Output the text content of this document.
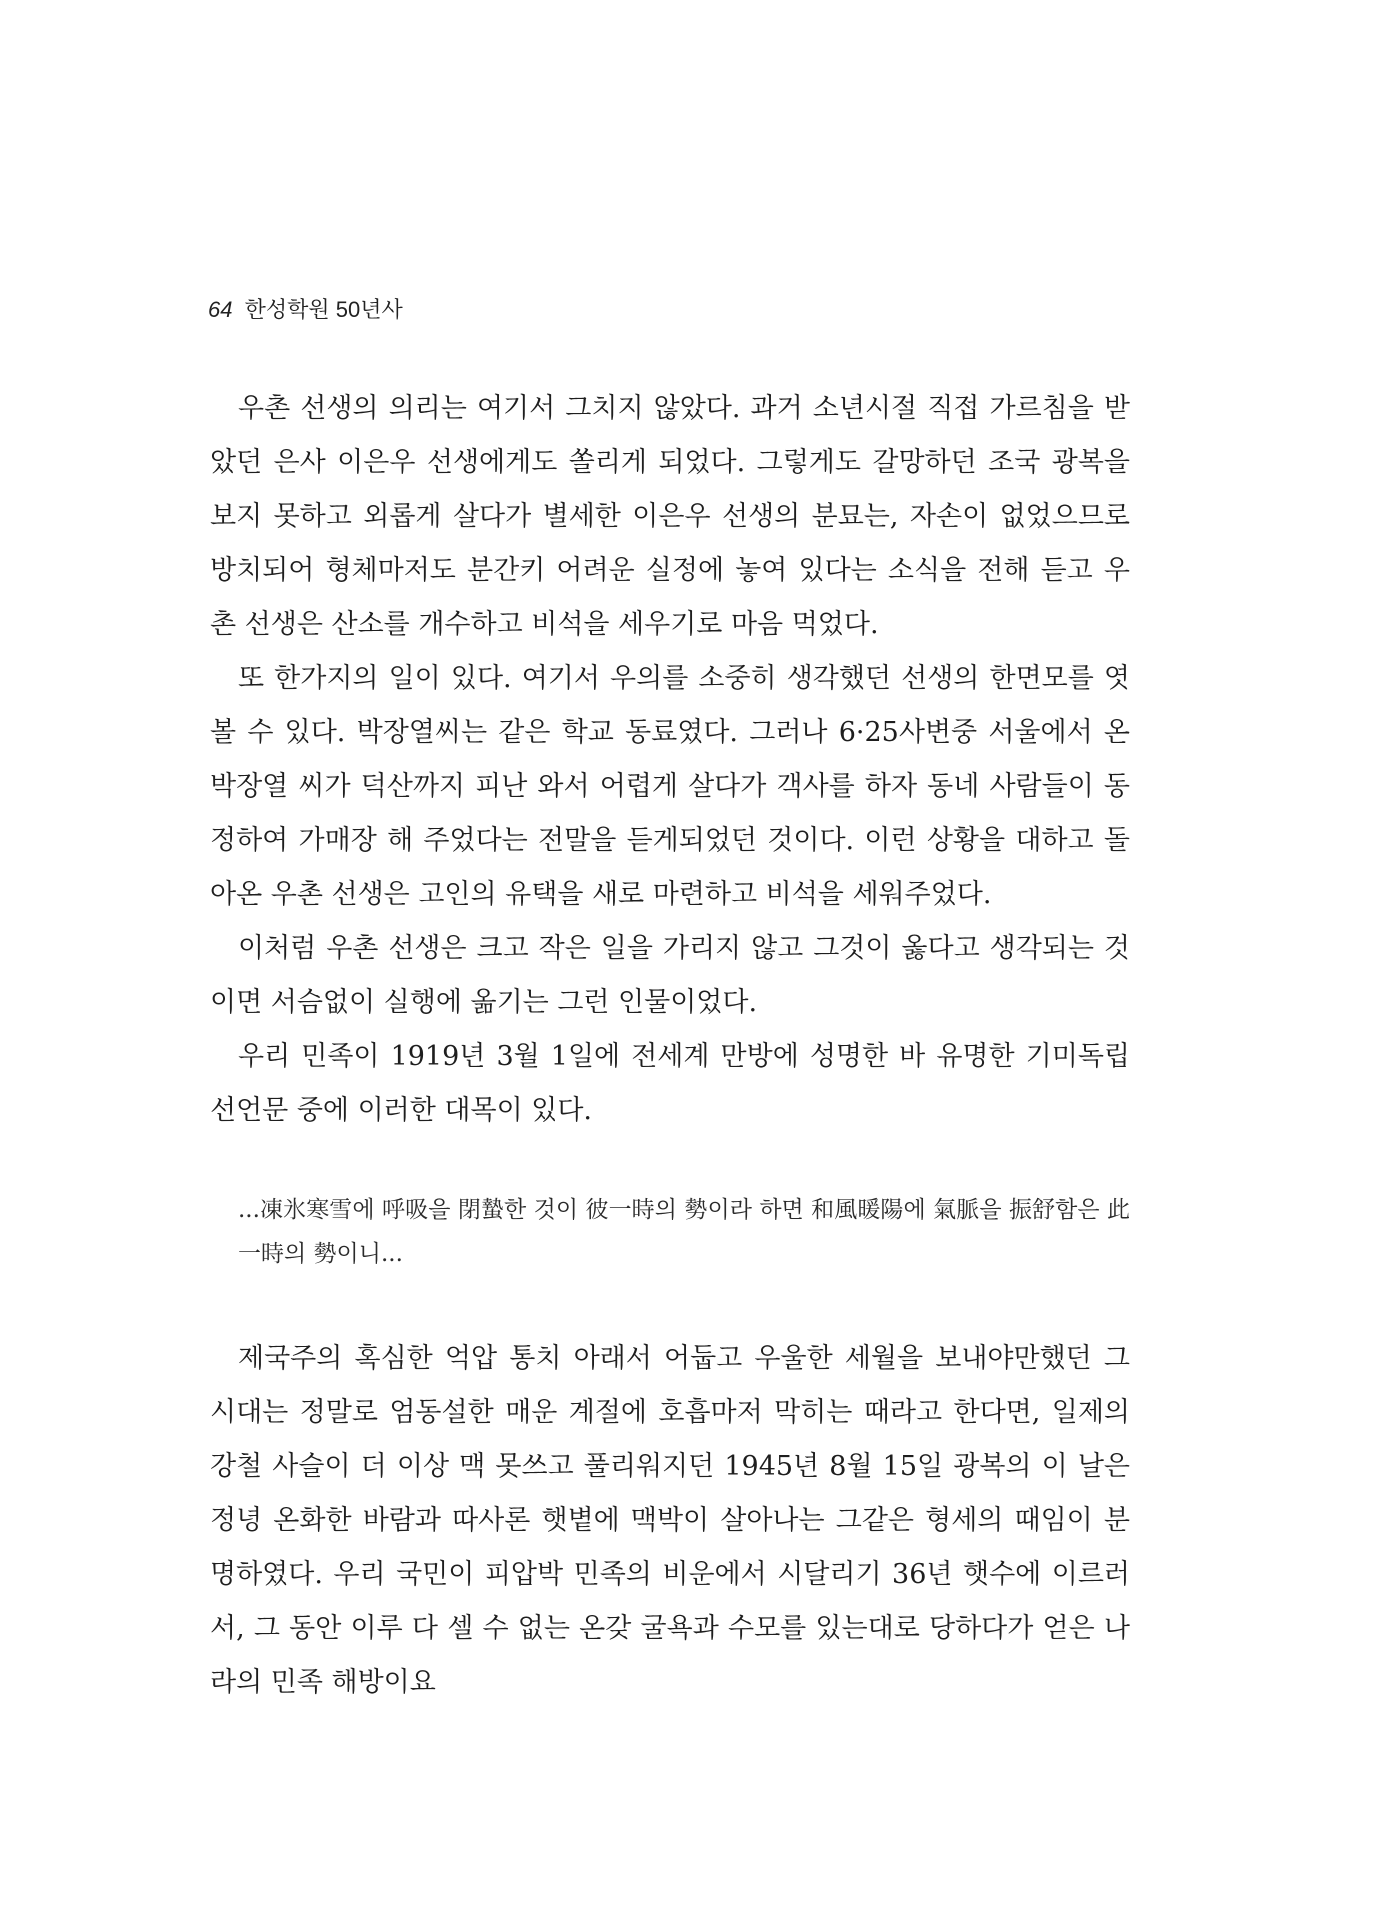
64 한성학원 50년사

우촌 선생의 의리는 여기서 그치지 않았다. 과거 소년시절 직접 가르침을 받았던 은사 이은우 선생에게도 쏠리게 되었다. 그렇게도 갈망하던 조국 광복을 보지 못하고 외롭게 살다가 별세한 이은우 선생의 분묘는, 자손이 없었으므로 방치되어 형체마저도 분간키 어려운 실정에 놓여 있다는 소식을 전해 듣고 우촌 선생은 산소를 개수하고 비석을 세우기로 마음 먹었다.

또 한가지의 일이 있다. 여기서 우의를 소중히 생각했던 선생의 한면모를 엿볼 수 있다. 박장열씨는 같은 학교 동료였다. 그러나 6·25사변중 서울에서 온 박장열 씨가 덕산까지 피난 와서 어렵게 살다가 객사를 하자 동네 사람들이 동정하여 가매장 해 주었다는 전말을 듣게되었던 것이다. 이런 상황을 대하고 돌아온 우촌 선생은 고인의 유택을 새로 마련하고 비석을 세워주었다.

이처럼 우촌 선생은 크고 작은 일을 가리지 않고 그것이 옳다고 생각되는 것이면 서슴없이 실행에 옮기는 그런 인물이었다.

우리 민족이 1919년 3월 1일에 전세계 만방에 성명한 바 유명한 기미독립선언문 중에 이러한 대목이 있다.

...凍氷寒雪에 呼吸을 閉蟄한 것이 彼一時의 勢이라 하면 和風暖陽에 氣脈을 振舒함은 此一時의 勢이니...

제국주의 혹심한 억압 통치 아래서 어둡고 우울한 세월을 보내야만했던 그 시대는 정말로 엄동설한 매운 계절에 호흡마저 막히는 때라고 한다면, 일제의 강철 사슬이 더 이상 맥 못쓰고 풀리워지던 1945년 8월 15일 광복의 이 날은 정녕 온화한 바람과 따사론 햇볕에 맥박이 살아나는 그같은 형세의 때임이 분명하였다. 우리 국민이 피압박 민족의 비운에서 시달리기 36년 햇수에 이르러서, 그 동안 이루 다 셀 수 없는 온갖 굴욕과 수모를 있는대로 당하다가 얻은 나라의 민족 해방이요
